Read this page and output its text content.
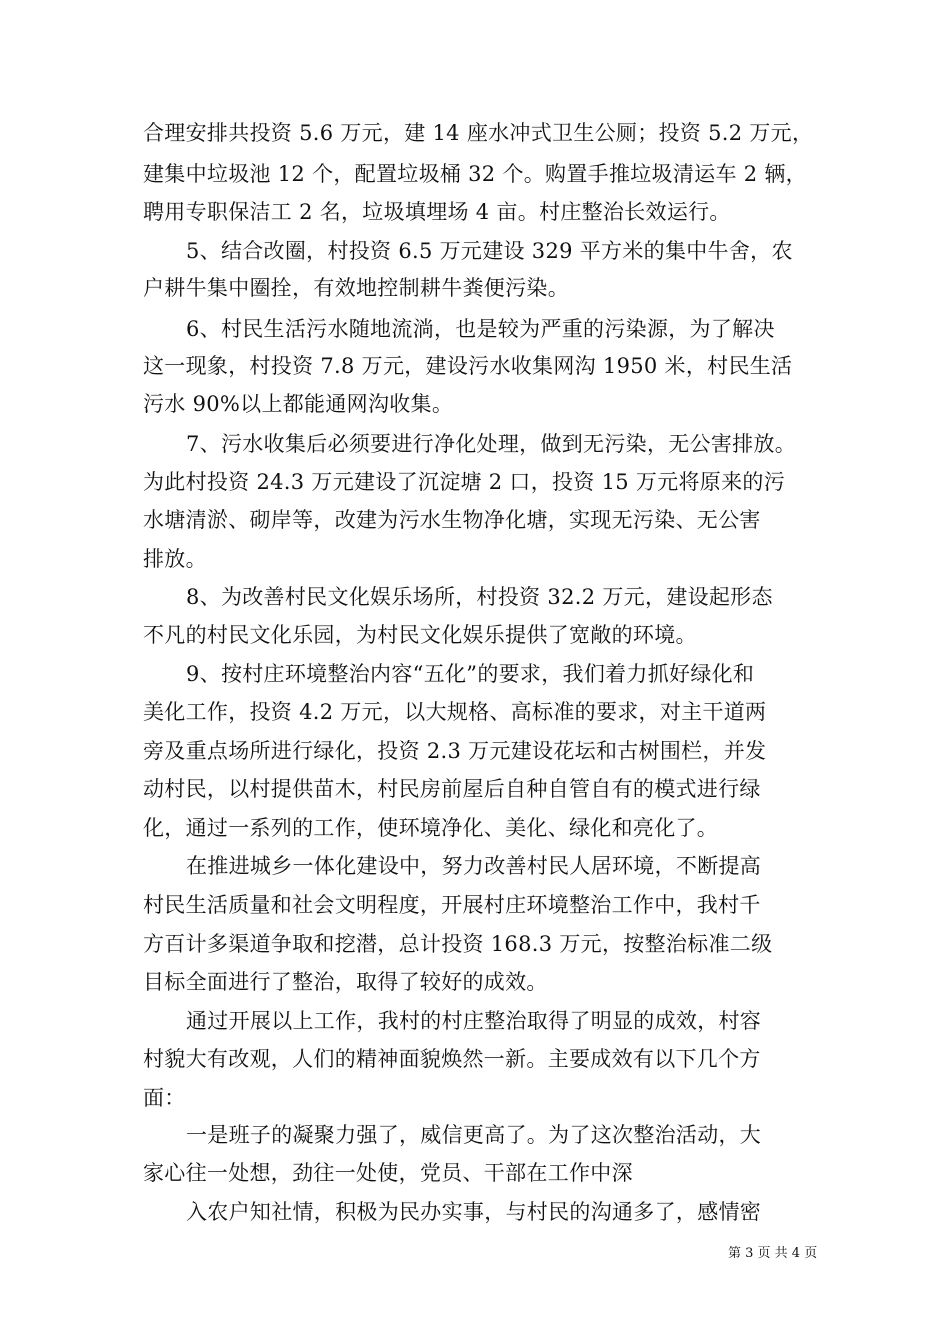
合理安排共投资 5.6 万元，建 14 座水冲式卫生公厕；投资 5.2 万元，
建集中垃圾池 12 个，配置垃圾桶 32 个。购置手推垃圾清运车 2 辆，
聘用专职保洁工 2 名，垃圾填埋场 4 亩。村庄整治长效运行。
5、结合改圈，村投资 6.5 万元建设 329 平方米的集中牛舍，农
户耕牛集中圈拴，有效地控制耕牛粪便污染。
6、村民生活污水随地流淌，也是较为严重的污染源，为了解决
这一现象，村投资 7.8 万元，建设污水收集网沟 1950 米，村民生活
污水 90%以上都能通网沟收集。
7、污水收集后必须要进行净化处理，做到无污染，无公害排放。
为此村投资 24.3 万元建设了沉淀塘 2 口，投资 15 万元将原来的污
水塘清淤、砌岸等，改建为污水生物净化塘，实现无污染、无公害
排放。
8、为改善村民文化娱乐场所，村投资 32.2 万元，建设起形态
不凡的村民文化乐园，为村民文化娱乐提供了宽敞的环境。
9、按村庄环境整治内容“五化”的要求，我们着力抓好绿化和
美化工作，投资 4.2 万元，以大规格、高标准的要求，对主干道两
旁及重点场所进行绿化，投资 2.3 万元建设花坛和古树围栏，并发
动村民，以村提供苗木，村民房前屋后自种自管自有的模式进行绿
化，通过一系列的工作，使环境净化、美化、绿化和亮化了。
在推进城乡一体化建设中，努力改善村民人居环境，不断提高
村民生活质量和社会文明程度，开展村庄环境整治工作中，我村千
方百计多渠道争取和挖潜，总计投资 168.3 万元，按整治标准二级
目标全面进行了整治，取得了较好的成效。
通过开展以上工作，我村的村庄整治取得了明显的成效，村容
村貌大有改观，人们的精神面貌焕然一新。主要成效有以下几个方
面：
一是班子的凝聚力强了，威信更高了。为了这次整治活动，大
家心往一处想，劲往一处使，党员、干部在工作中深
入农户知社情，积极为民办实事，与村民的沟通多了，感情密
第 3 页 共 4 页
